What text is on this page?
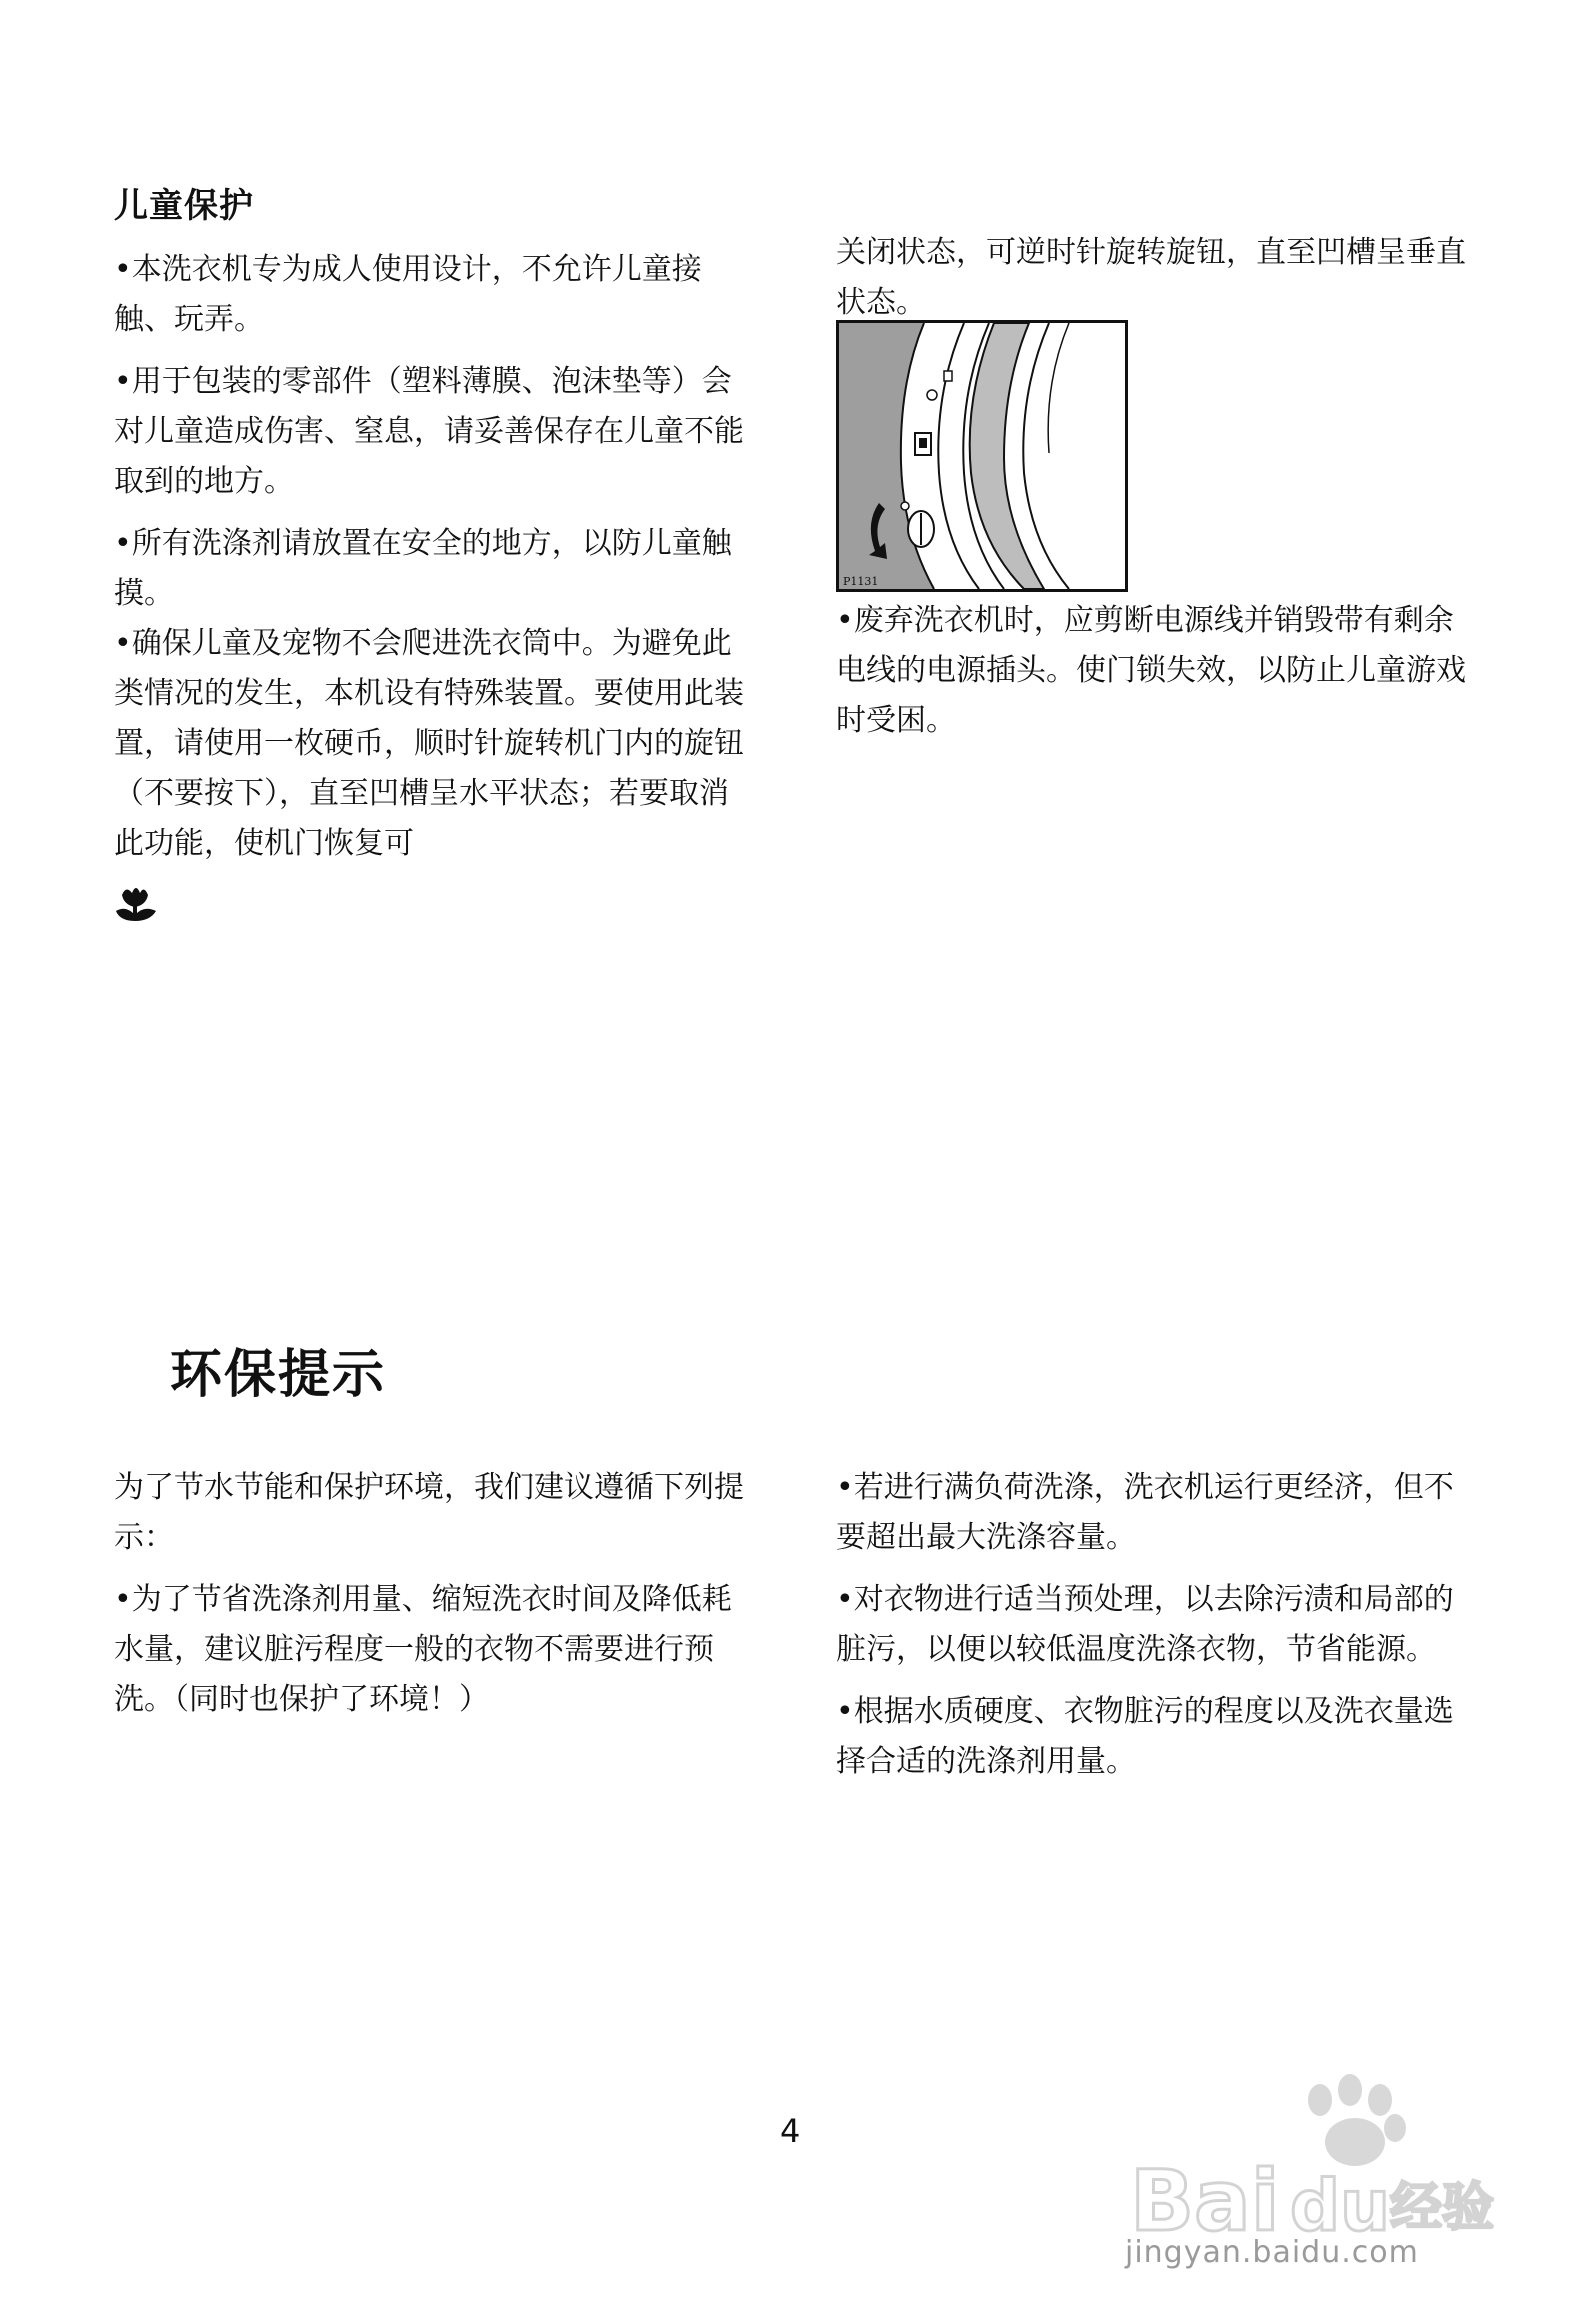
儿童保护

•本洗衣机专为成人使用设计，不允许儿童接触、玩弄。

•用于包装的零部件（塑料薄膜、泡沫垫等）会对儿童造成伤害、窒息，请妥善保存在儿童不能取到的地方。

•所有洗涤剂请放置在安全的地方，以防儿童触摸。

•确保儿童及宠物不会爬进洗衣筒中。为避免此类情况的发生，本机设有特殊装置。要使用此装置，请使用一枚硬币，顺时针旋转机门内的旋钮（不要按下），直至凹槽呈水平状态；若要取消此功能，使机门恢复可

关闭状态，可逆时针旋转旋钮，直至凹槽呈垂直状态。

P1131

•废弃洗衣机时，应剪断电源线并销毁带有剩余电线的电源插头。使门锁失效，以防止儿童游戏时受困。

环保提示

为了节水节能和保护环境，我们建议遵循下列提示：

•为了节省洗涤剂用量、缩短洗衣时间及降低耗水量，建议脏污程度一般的衣物不需要进行预洗。（同时也保护了环境！）

•若进行满负荷洗涤，洗衣机运行更经济，但不要超出最大洗涤容量。

•对衣物进行适当预处理，以去除污渍和局部的脏污，以便以较低温度洗涤衣物，节省能源。

•根据水质硬度、衣物脏污的程度以及洗衣量选择合适的洗涤剂用量。

4
Bai du 经验
jingyan.baidu.com
